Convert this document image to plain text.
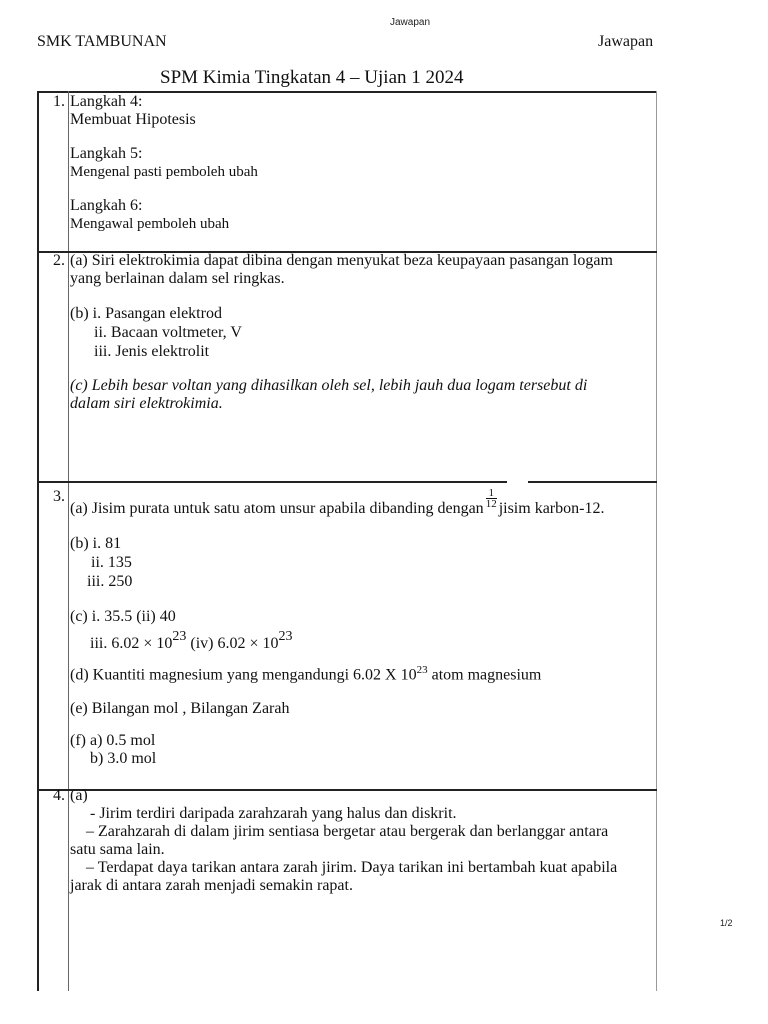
Jawapan
SMK TAMBUNAN	Jawapan
SPM Kimia Tingkatan 4 – Ujian 1 2024
1. Langkah 4:

Membuat Hipotesis

Langkah 5:

Mengenal pasti pemboleh ubah

Langkah 6:

Mengawal pemboleh ubah

2. (a) Siri elektrokimia dapat dibina dengan menyukat beza keupayaan pasangan logam yang berlainan dalam sel ringkas.

(b) i. Pasangan elektrod

ii. Bacaan voltmeter, V

iii. Jenis elektrolit

(c) Lebih besar voltan yang dihasilkan oleh sel, lebih jauh dua logam tersebut di dalam siri elektrokimia.

3.

(a) Jisim purata untuk satu atom unsur apabila dibanding dengan $\frac{1}{12}$ jisim karbon-12.

(b) i. 81

ii. 135

iii. 250

(c) i. 35.5 (ii) 40

iii. 6.02 × 1023 (iv) 6.02 × 1023

(d) Kuantiti magnesium yang mengandungi 6.02 X $10^{23}$ atom magnesium

(e) Bilangan mol , Bilangan Zarah

(f) a) 0.5 mol

b) 3.0 mol

4. (a)

- Jirim terdiri daripada zarahzarah yang halus dan diskrit.

– Zarahzarah di dalam jirim sentiasa bergetar atau bergerak dan berlanggar antara satu sama lain.

– Terdapat daya tarikan antara zarah jirim. Daya tarikan ini bertambah kuat apabila jarak di antara zarah menjadi semakin rapat.

1/2
